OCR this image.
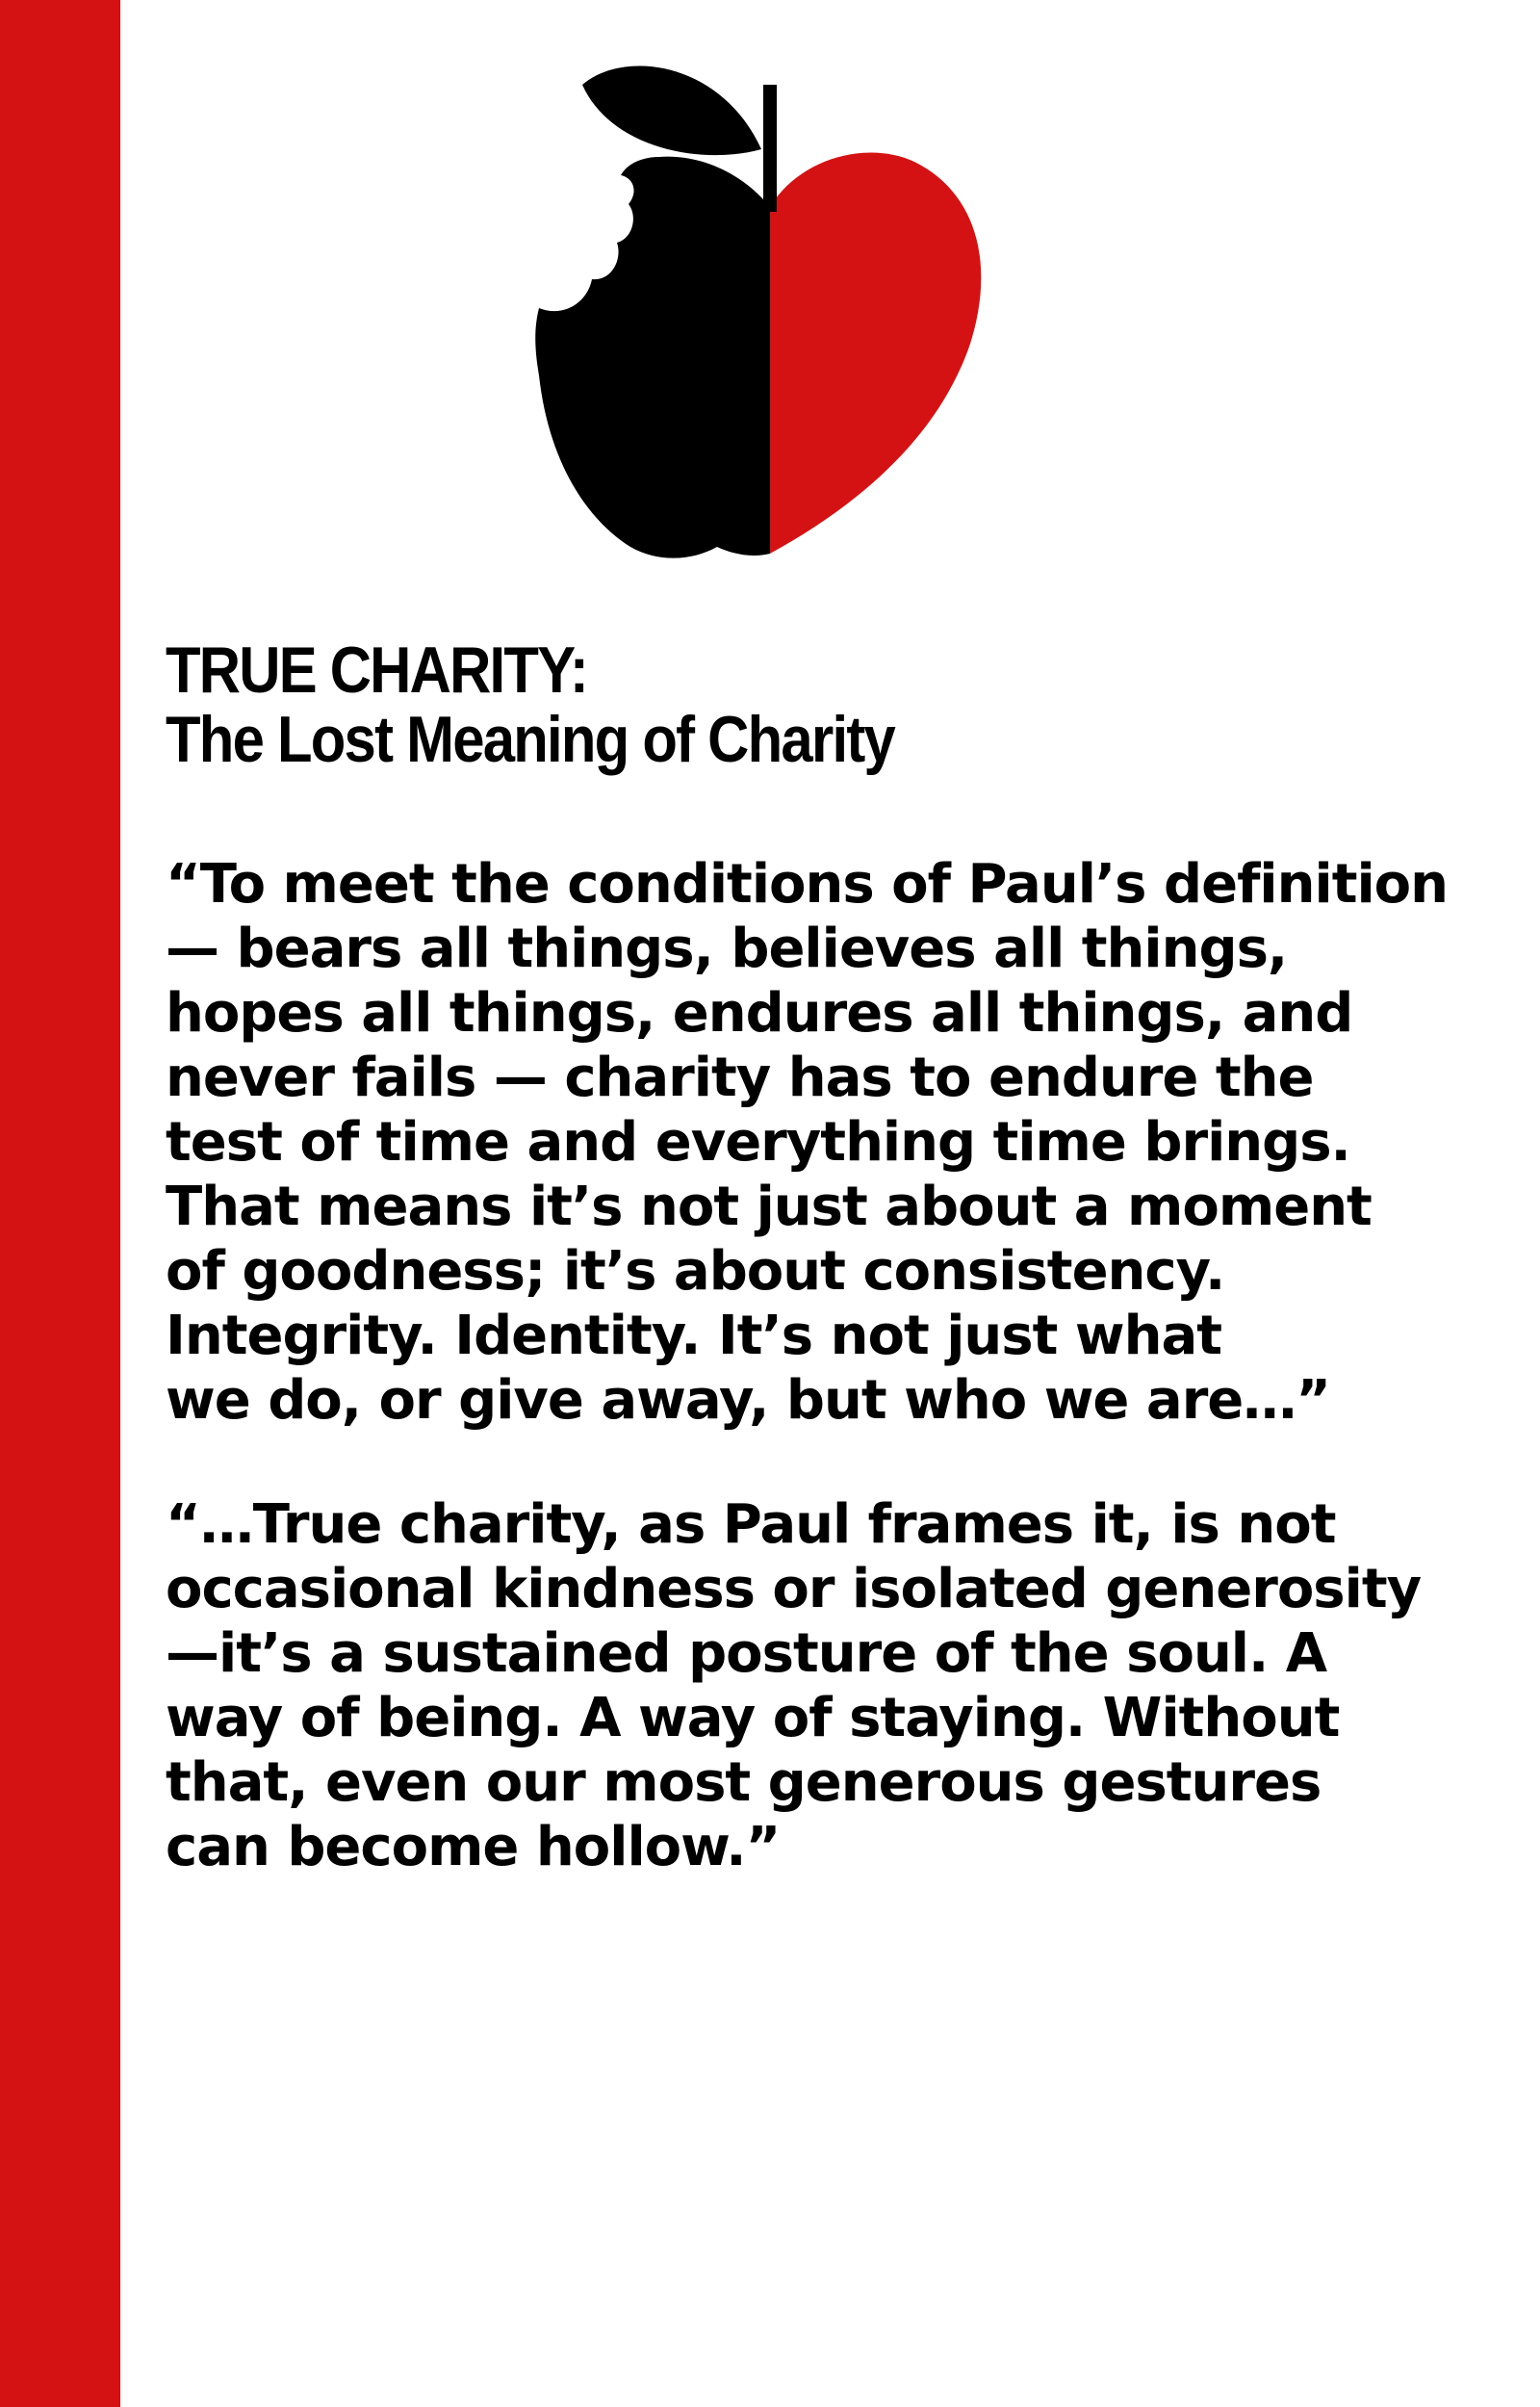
TRUE CHARITY:
The Lost Meaning of Charity

“To meet the conditions of Paul’s definition
— bears all things, believes all things,
hopes all things, endures all things, and
never fails — charity has to endure the
test of time and everything time brings.
That means it’s not just about a moment
of goodness; it’s about consistency.
Integrity. Identity. It’s not just what
we do, or give away, but who we are…”

“…True charity, as Paul frames it, is not
occasional kindness or isolated generosity
—it’s a sustained posture of the soul. A
way of being. A way of staying. Without
that, even our most generous gestures
can become hollow.”
